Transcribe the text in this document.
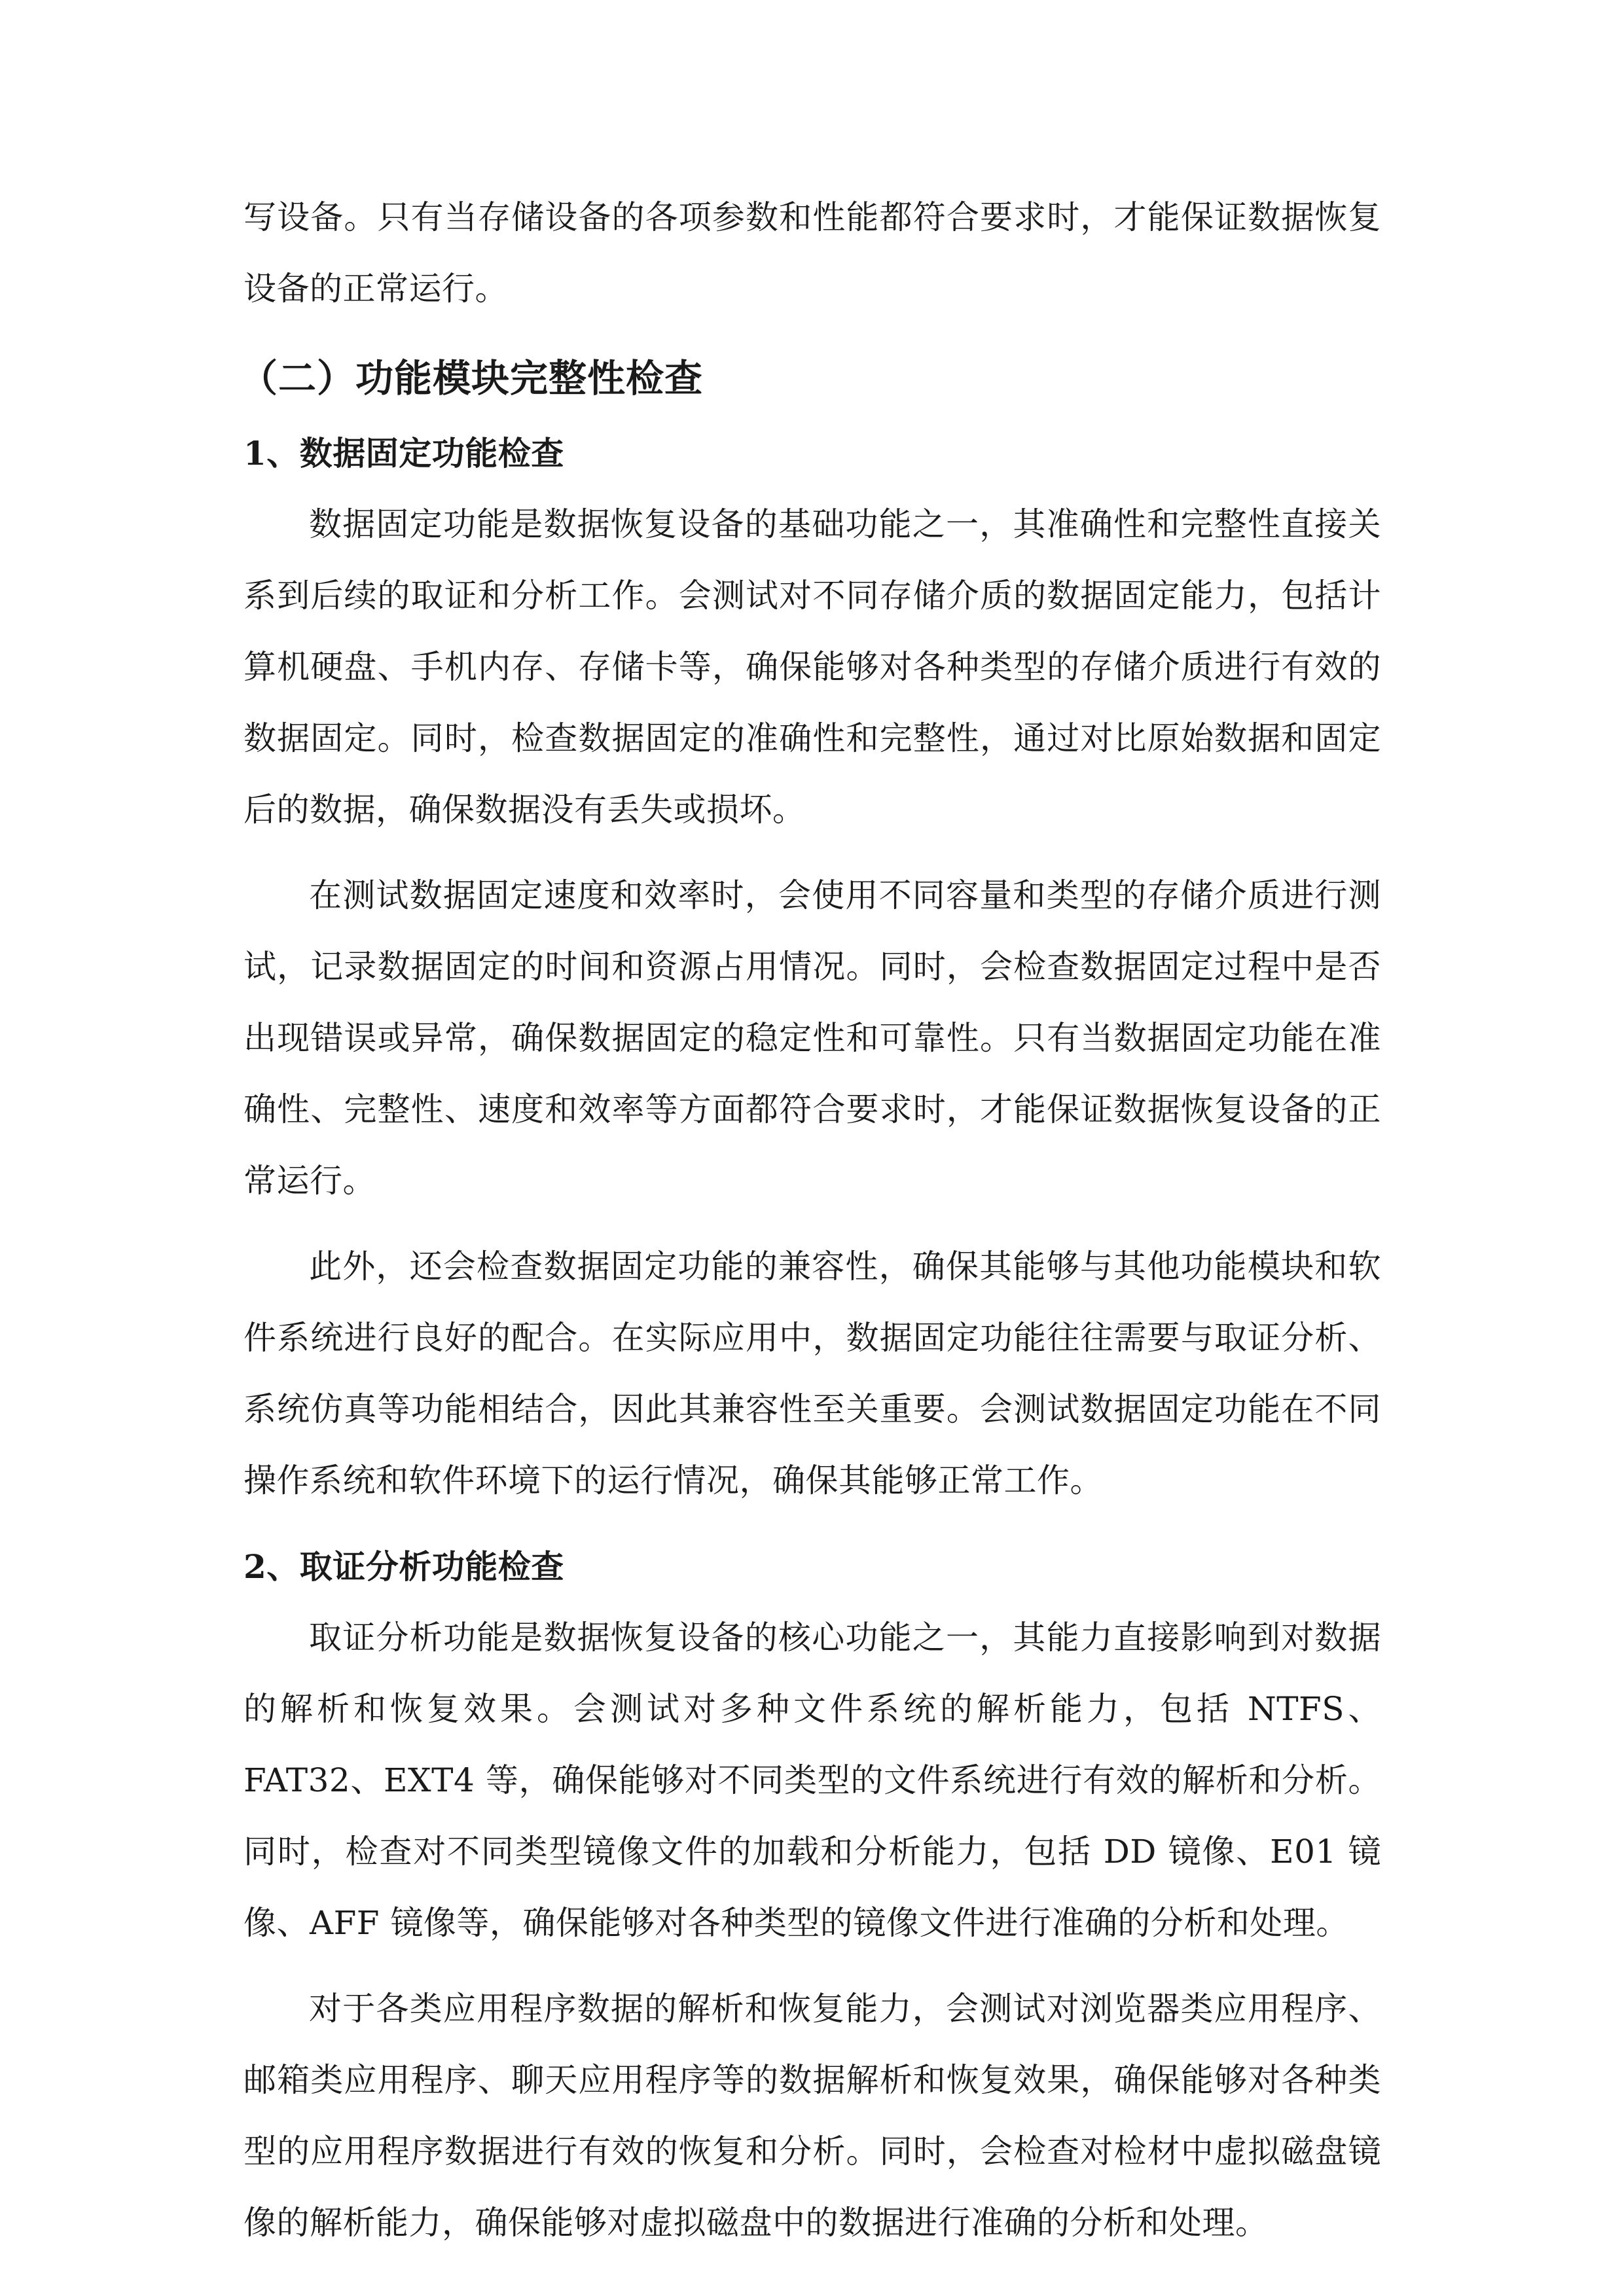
写设备。只有当存储设备的各项参数和性能都符合要求时，才能保证数据恢复设备的正常运行。

（二）功能模块完整性检查
1、数据固定功能检查

数据固定功能是数据恢复设备的基础功能之一，其准确性和完整性直接关系到后续的取证和分析工作。会测试对不同存储介质的数据固定能力，包括计算机硬盘、手机内存、存储卡等，确保能够对各种类型的存储介质进行有效的数据固定。同时，检查数据固定的准确性和完整性，通过对比原始数据和固定后的数据，确保数据没有丢失或损坏。

在测试数据固定速度和效率时，会使用不同容量和类型的存储介质进行测试，记录数据固定的时间和资源占用情况。同时，会检查数据固定过程中是否出现错误或异常，确保数据固定的稳定性和可靠性。只有当数据固定功能在准确性、完整性、速度和效率等方面都符合要求时，才能保证数据恢复设备的正常运行。

此外，还会检查数据固定功能的兼容性，确保其能够与其他功能模块和软件系统进行良好的配合。在实际应用中，数据固定功能往往需要与取证分析、系统仿真等功能相结合，因此其兼容性至关重要。会测试数据固定功能在不同操作系统和软件环境下的运行情况，确保其能够正常工作。

2、取证分析功能检查

取证分析功能是数据恢复设备的核心功能之一，其能力直接影响到对数据的解析和恢复效果。会测试对多种文件系统的解析能力，包括 NTFS、FAT32、EXT4 等，确保能够对不同类型的文件系统进行有效的解析和分析。同时，检查对不同类型镜像文件的加载和分析能力，包括 DD 镜像、E01 镜像、AFF 镜像等，确保能够对各种类型的镜像文件进行准确的分析和处理。

对于各类应用程序数据的解析和恢复能力，会测试对浏览器类应用程序、邮箱类应用程序、聊天应用程序等的数据解析和恢复效果，确保能够对各种类型的应用程序数据进行有效的恢复和分析。同时，会检查对检材中虚拟磁盘镜像的解析能力，确保能够对虚拟磁盘中的数据进行准确的分析和处理。
